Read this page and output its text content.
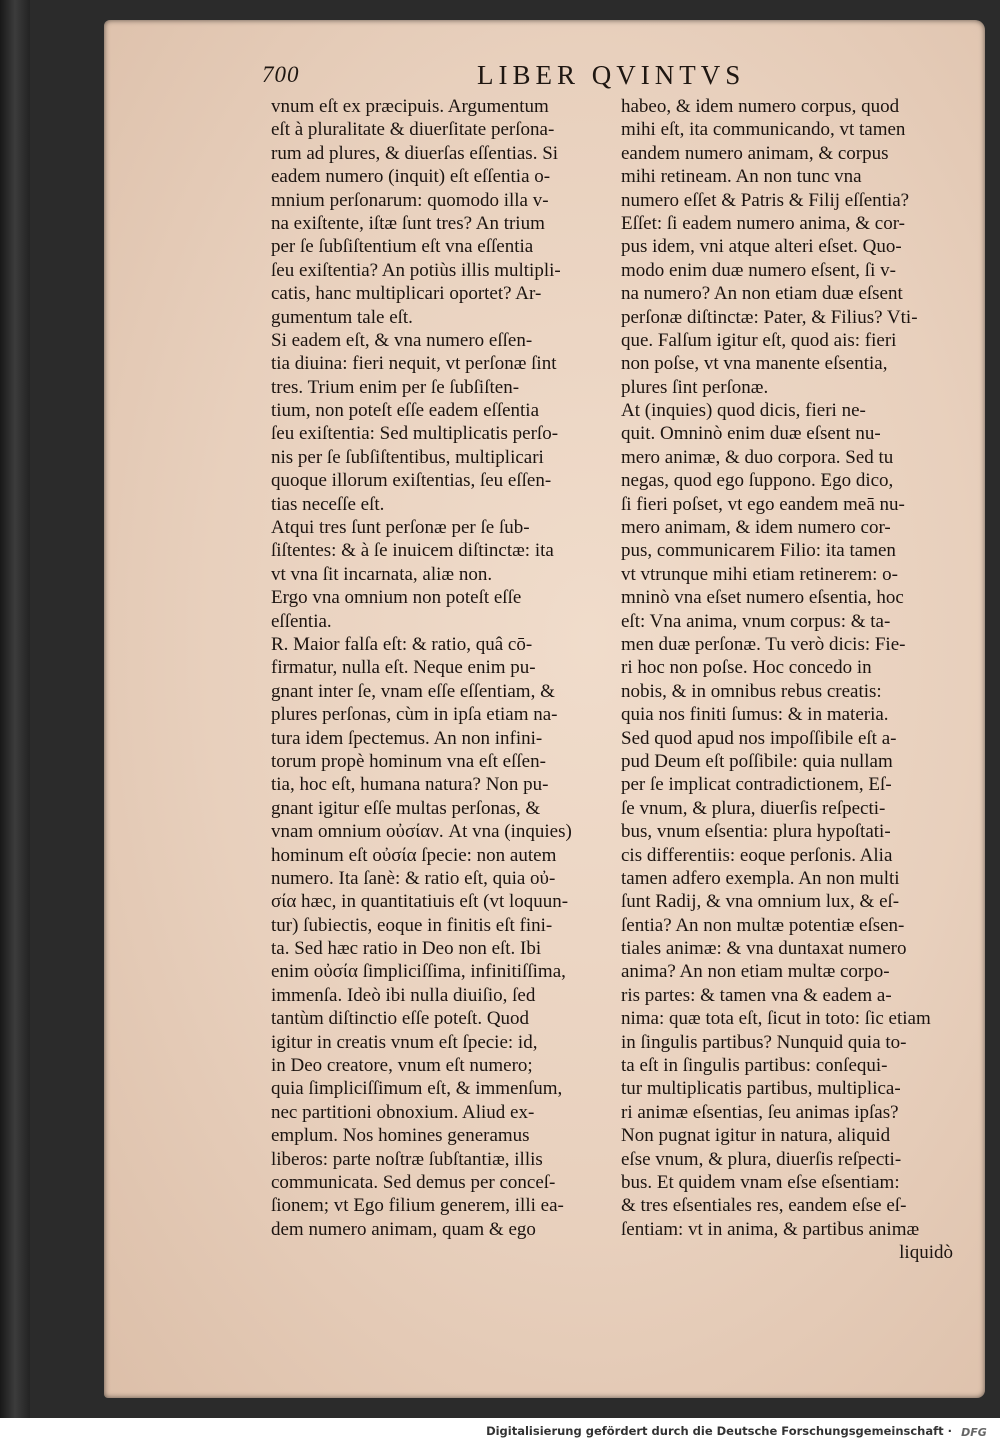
700	LIBER QVINTVS
vnum eſt ex præcipuis. Argumentum
eſt à pluralitate & diuerſitate perſona-
rum ad plures, & diuerſas eſſentias. Si
eadem numero (inquit) eſt eſſentia o-
mnium perſonarum: quomodo illa v-
na exiſtente, iſtæ ſunt tres? An trium
per ſe ſubſiſtentium eſt vna eſſentia
ſeu exiſtentia? An potiùs illis multipli-
catis, hanc multiplicari oportet? Ar-
gumentum tale eſt.
Si eadem eſt, & vna numero eſſen-
tia diuina: fieri nequit, vt perſonæ ſint
tres. Trium enim per ſe ſubſiſten-
tium, non poteſt eſſe eadem eſſentia
ſeu exiſtentia: Sed multiplicatis perſo-
nis per ſe ſubſiſtentibus, multiplicari
quoque illorum exiſtentias, ſeu eſſen-
tias neceſſe eſt.
Atqui tres ſunt perſonæ per ſe ſub-
ſiſtentes: & à ſe inuicem diſtinctæ: ita
vt vna ſit incarnata, aliæ non.
Ergo vna omnium non poteſt eſſe
eſſentia.
R. Maior falſa eſt: & ratio, quâ cō-
firmatur, nulla eſt. Neque enim pu-
gnant inter ſe, vnam eſſe eſſentiam, &
plures perſonas, cùm in ipſa etiam na-
tura idem ſpectemus. An non infini-
torum propè hominum vna eſt eſſen-
tia, hoc eſt, humana natura? Non pu-
gnant igitur eſſe multas perſonas, &
vnam omnium οὐσίαν. At vna (inquies)
hominum eſt οὐσία ſpecie: non autem
numero. Ita ſanè: & ratio eſt, quia οὐ-
σία hæc, in quantitatiuis eſt (vt loquun-
tur) ſubiectis, eoque in finitis eſt fini-
ta. Sed hæc ratio in Deo non eſt. Ibi
enim οὐσία ſimpliciſſima, infinitiſſima,
immenſa. Ideò ibi nulla diuiſio, ſed
tantùm diſtinctio eſſe poteſt. Quod
igitur in creatis vnum eſt ſpecie: id,
in Deo creatore, vnum eſt numero;
quia ſimpliciſſimum eſt, & immenſum,
nec partitioni obnoxium. Aliud ex-
emplum. Nos homines generamus
liberos: parte noſtræ ſubſtantiæ, illis
communicata. Sed demus per conceſ-
ſionem; vt Ego filium generem, illi ea-
dem numero animam, quam & ego
habeo, & idem numero corpus, quod
mihi eſt, ita communicando, vt tamen
eandem numero animam, & corpus
mihi retineam. An non tunc vna
numero eſſet & Patris & Filij eſſentia?
Eſſet: ſi eadem numero anima, & cor-
pus idem, vni atque alteri eſset. Quo-
modo enim duæ numero eſsent, ſi v-
na numero? An non etiam duæ eſsent
perſonæ diſtinctæ: Pater, & Filius? Vti-
que. Falſum igitur eſt, quod ais: fieri
non poſse, vt vna manente eſsentia,
plures ſint perſonæ.
At (inquies) quod dicis, fieri ne-
quit. Omninò enim duæ eſsent nu-
mero animæ, & duo corpora. Sed tu
negas, quod ego ſuppono. Ego dico,
ſi fieri poſset, vt ego eandem meā nu-
mero animam, & idem numero cor-
pus, communicarem Filio: ita tamen
vt vtrunque mihi etiam retinerem: o-
mninò vna eſset numero eſsentia, hoc
eſt: Vna anima, vnum corpus: & ta-
men duæ perſonæ. Tu verò dicis: Fie-
ri hoc non poſse. Hoc concedo in
nobis, & in omnibus rebus creatis:
quia nos finiti ſumus: & in materia.
Sed quod apud nos impoſſibile eſt a-
pud Deum eſt poſſibile: quia nullam
per ſe implicat contradictionem, Eſ-
ſe vnum, & plura, diuerſis reſpecti-
bus, vnum eſsentia: plura hypoſtati-
cis differentiis: eoque perſonis. Alia
tamen adfero exempla. An non multi
ſunt Radij, & vna omnium lux, & eſ-
ſentia? An non multæ potentiæ eſsen-
tiales animæ: & vna duntaxat numero
anima? An non etiam multæ corpo-
ris partes: & tamen vna & eadem a-
nima: quæ tota eſt, ſicut in toto: ſic etiam
in ſingulis partibus? Nunquid quia to-
ta eſt in ſingulis partibus: conſequi-
tur multiplicatis partibus, multiplica-
ri animæ eſsentias, ſeu animas ipſas?
Non pugnat igitur in natura, aliquid
eſse vnum, & plura, diuerſis reſpecti-
bus. Et quidem vnam eſse eſsentiam:
& tres eſsentiales res, eandem eſse eſ-
ſentiam: vt in anima, & partibus animæ
liquidò
Digitalisierung gefördert durch die Deutsche Forschungsgemeinschaft · DFG
